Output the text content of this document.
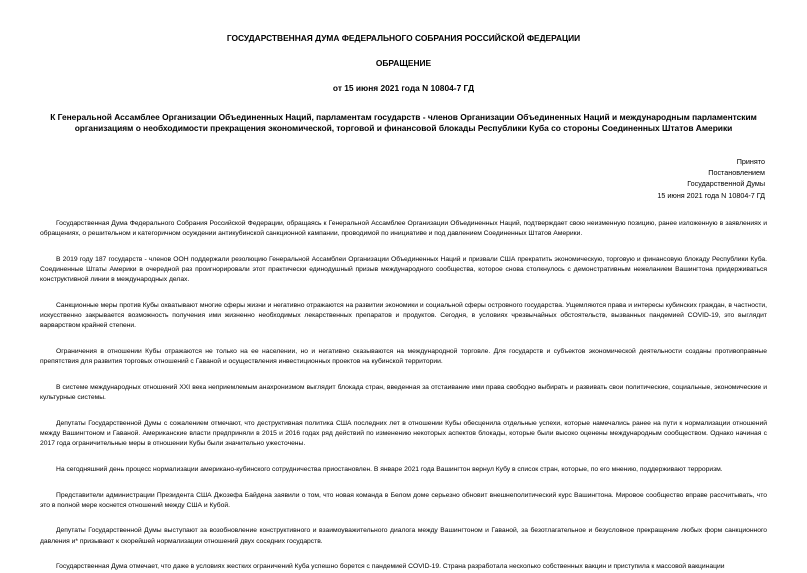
ГОСУДАРСТВЕННАЯ ДУМА ФЕДЕРАЛЬНОГО СОБРАНИЯ РОССИЙСКОЙ ФЕДЕРАЦИИ

ОБРАЩЕНИЕ

от 15 июня 2021 года N 10804-7 ГД

К Генеральной Ассамблее Организации Объединенных Наций, парламентам государств - членов Организации Объединенных Наций и международным парламентским организациям о необходимости прекращения экономической, торговой и финансовой блокады Республики Куба со стороны Соединенных Штатов Америки

Принято
Постановлением
Государственной Думы
15 июня 2021 года N 10804-7 ГД

Государственная Дума Федерального Собрания Российской Федерации, обращаясь к Генеральной Ассамблее Организации Объединенных Наций, подтверждает свою неизменную позицию, ранее изложенную в заявлениях и обращениях, о решительном и категоричном осуждении антикубинской санкционной кампании, проводимой по инициативе и под давлением Соединенных Штатов Америки.

В 2019 году 187 государств - членов ООН поддержали резолюцию Генеральной Ассамблеи Организации Объединенных Наций и призвали США прекратить экономическую, торговую и финансовую блокаду Республики Куба. Соединенные Штаты Америки в очередной раз проигнорировали этот практически единодушный призыв международного сообщества, которое снова столкнулось с демонстративным нежеланием Вашингтона придерживаться конструктивной линии в международных делах.

Санкционные меры против Кубы охватывают многие сферы жизни и негативно отражаются на развитии экономики и социальной сферы островного государства. Ущемляются права и интересы кубинских граждан, в частности, искусственно закрывается возможность получения ими жизненно необходимых лекарственных препаратов и продуктов. Сегодня, в условиях чрезвычайных обстоятельств, вызванных пандемией COVID-19, это выглядит варварством крайней степени.

Ограничения в отношении Кубы отражаются не только на ее населении, но и негативно сказываются на международной торговле. Для государств и субъектов экономической деятельности созданы противоправные препятствия для развития торговых отношений с Гаваной и осуществления инвестиционных проектов на кубинской территории.

В системе международных отношений XXI века неприемлемым анахронизмом выглядит блокада стран, введенная за отстаивание ими права свободно выбирать и развивать свои политические, социальные, экономические и культурные системы.

Депутаты Государственной Думы с сожалением отмечают, что деструктивная политика США последних лет в отношении Кубы обесценила отдельные успехи, которые намечались ранее на пути к нормализации отношений между Вашингтоном и Гаваной. Американские власти предприняли в 2015 и 2016 годах ряд действий по изменению некоторых аспектов блокады, которые были высоко оценены международным сообществом. Однако начиная с 2017 года ограничительные меры в отношении Кубы были значительно ужесточены.

На сегодняшний день процесс нормализации американо-кубинского сотрудничества приостановлен. В январе 2021 года Вашингтон вернул Кубу в список стран, которые, по его мнению, поддерживают терроризм.

Представители администрации Президента США Джозефа Байдена заявили о том, что новая команда в Белом доме серьезно обновит внешнеполитический курс Вашингтона. Мировое сообщество вправе рассчитывать, что это в полной мере коснется отношений между США и Кубой.

Депутаты Государственной Думы выступают за возобновление конструктивного и взаимоуважительного диалога между Вашингтоном и Гаваной, за безотлагательное и безусловное прекращение любых форм санкционного давления и* призывают к скорейшей нормализации отношений двух соседних государств.

Государственная Дума отмечает, что даже в условиях жестких ограничений Куба успешно борется с пандемией COVID-19. Страна разработала несколько собственных вакцин и приступила к массовой вакцинации
